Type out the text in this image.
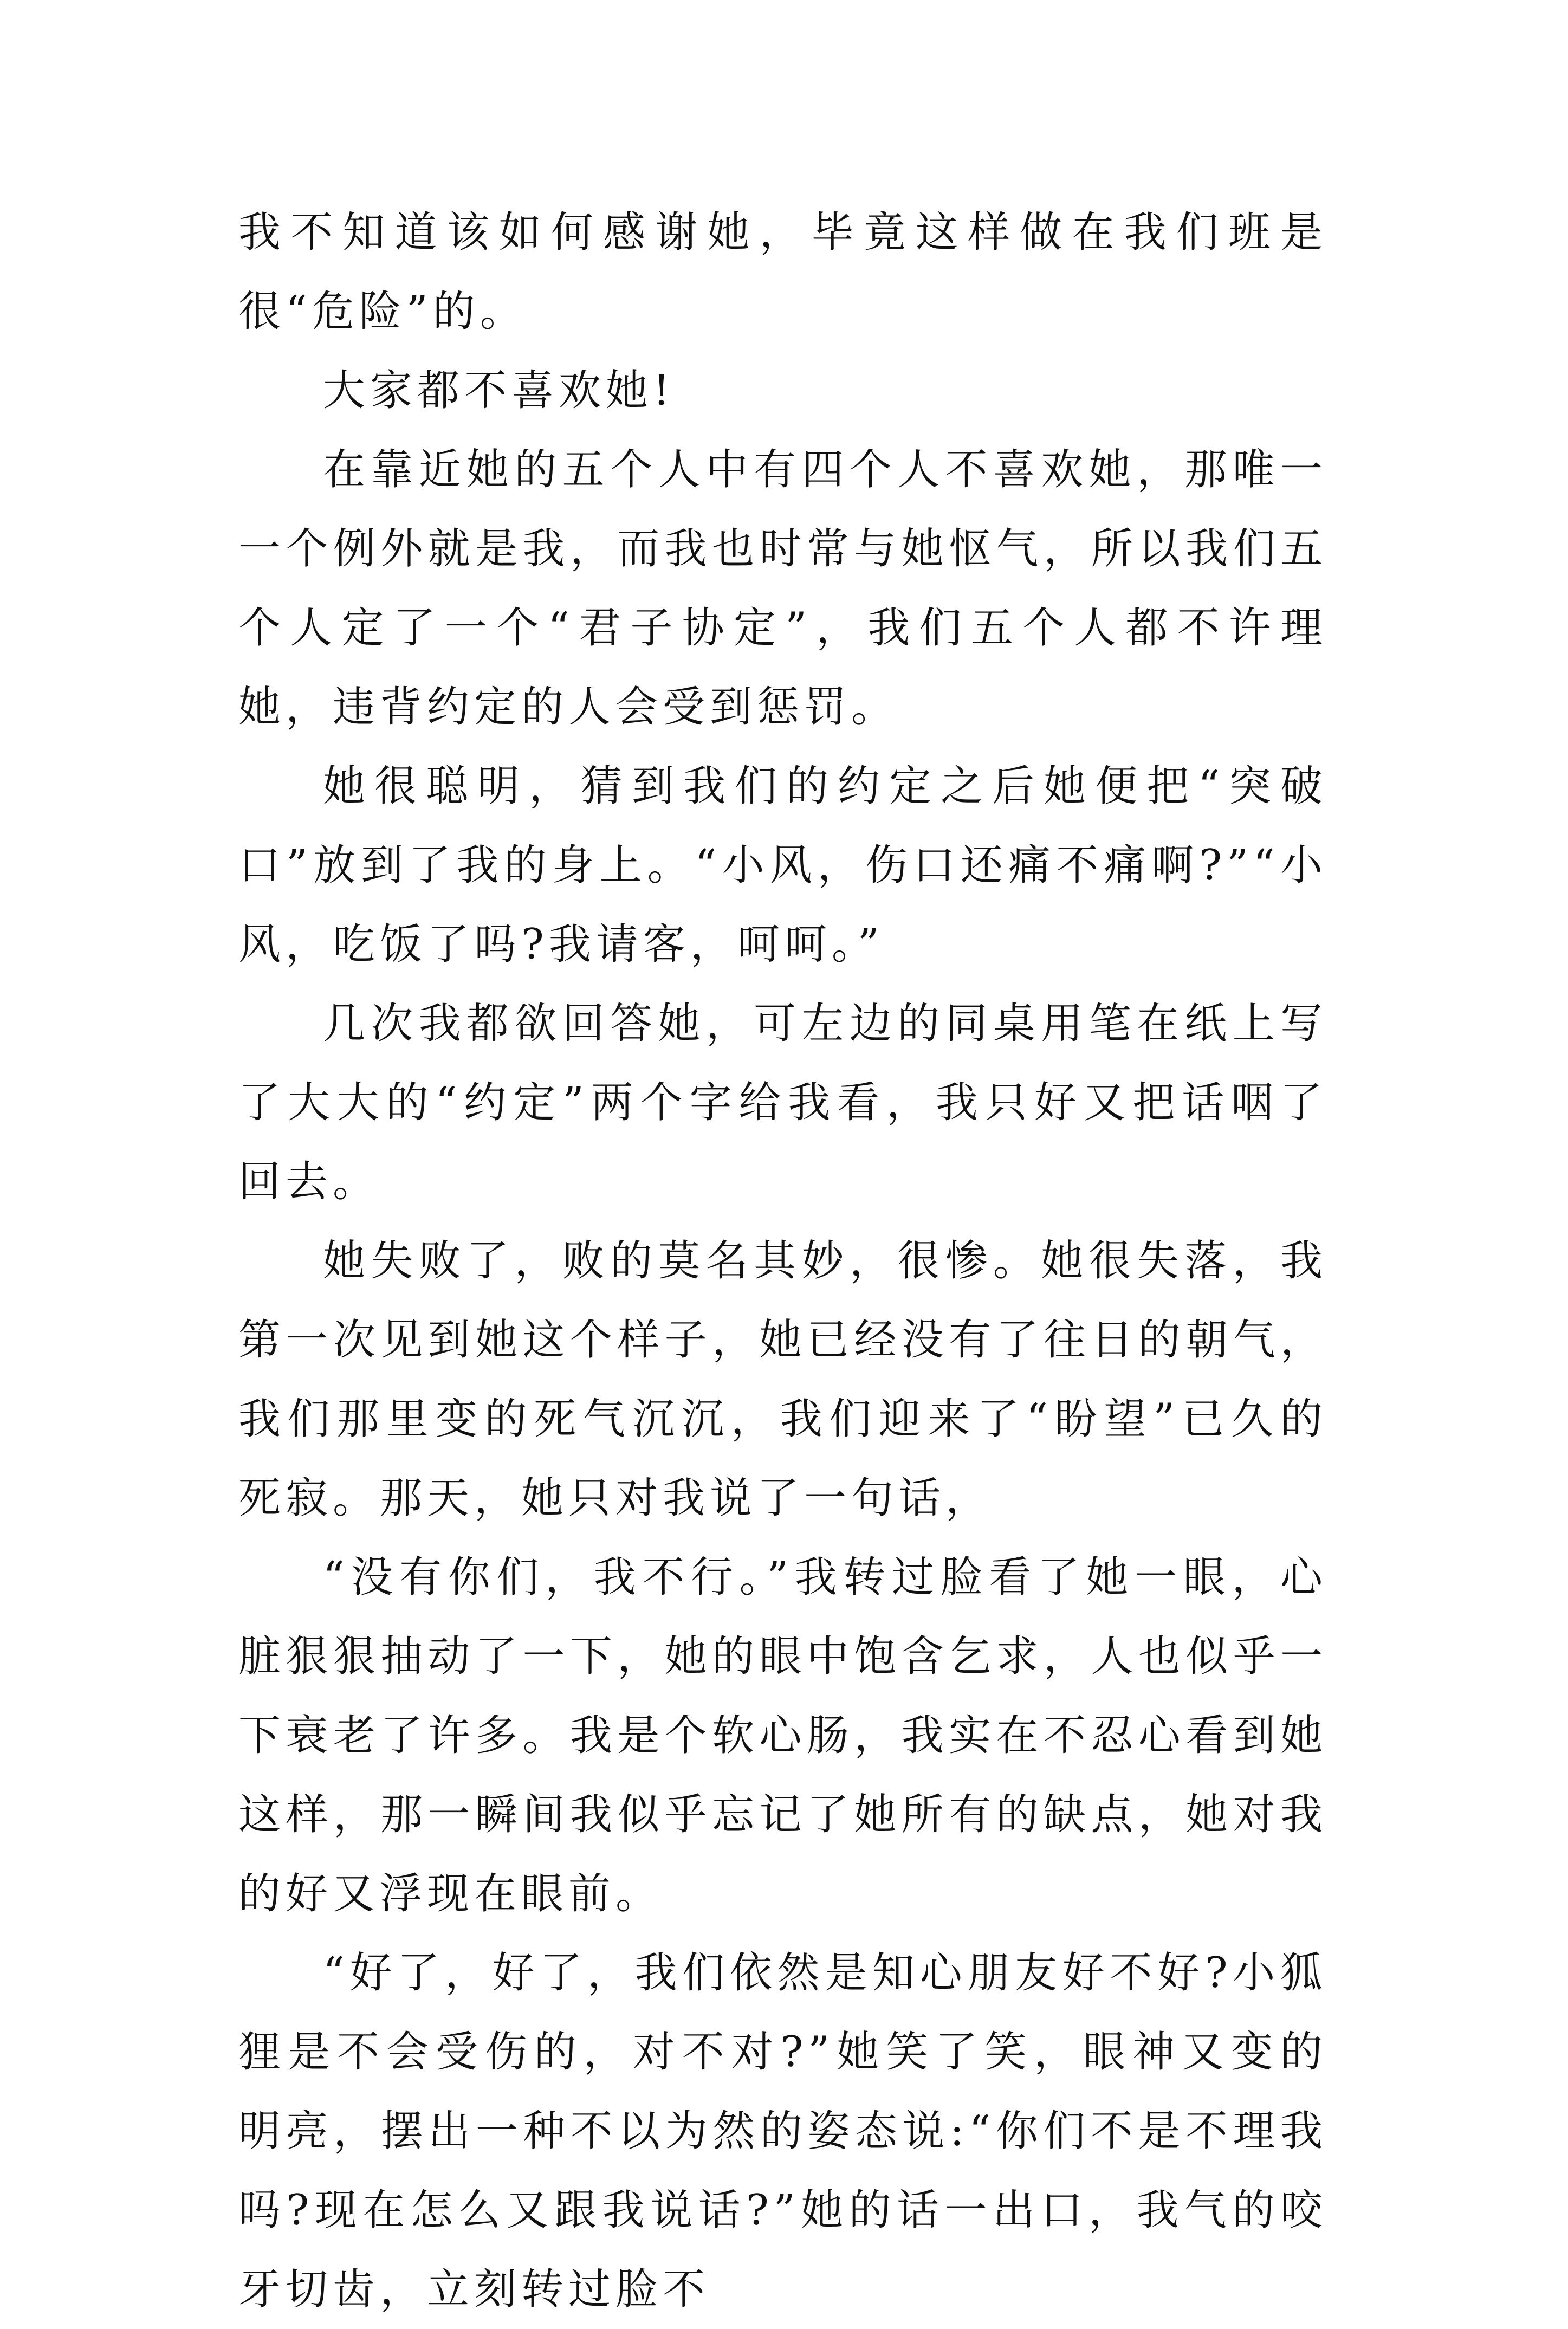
我不知道该如何感谢她，毕竟这样做在我们班是很“危险”的。

大家都不喜欢她!

在靠近她的五个人中有四个人不喜欢她，那唯一一个例外就是我，而我也时常与她怄气，所以我们五个人定了一个“君子协定”，我们五个人都不许理她，违背约定的人会受到惩罚。

她很聪明，猜到我们的约定之后她便把“突破口”放到了我的身上。“小风，伤口还痛不痛啊?”“小风，吃饭了吗?我请客，呵呵。”

几次我都欲回答她，可左边的同桌用笔在纸上写了大大的“约定”两个字给我看，我只好又把话咽了回去。

她失败了，败的莫名其妙，很惨。她很失落，我第一次见到她这个样子，她已经没有了往日的朝气，我们那里变的死气沉沉，我们迎来了“盼望”已久的死寂。那天，她只对我说了一句话，

“没有你们，我不行。”我转过脸看了她一眼，心脏狠狠抽动了一下，她的眼中饱含乞求，人也似乎一下衰老了许多。我是个软心肠，我实在不忍心看到她这样，那一瞬间我似乎忘记了她所有的缺点，她对我的好又浮现在眼前。

“好了，好了，我们依然是知心朋友好不好?小狐狸是不会受伤的，对不对?”她笑了笑，眼神又变的明亮，摆出一种不以为然的姿态说:“你们不是不理我吗?现在怎么又跟我说话?”她的话一出口，我气的咬牙切齿，立刻转过脸不
